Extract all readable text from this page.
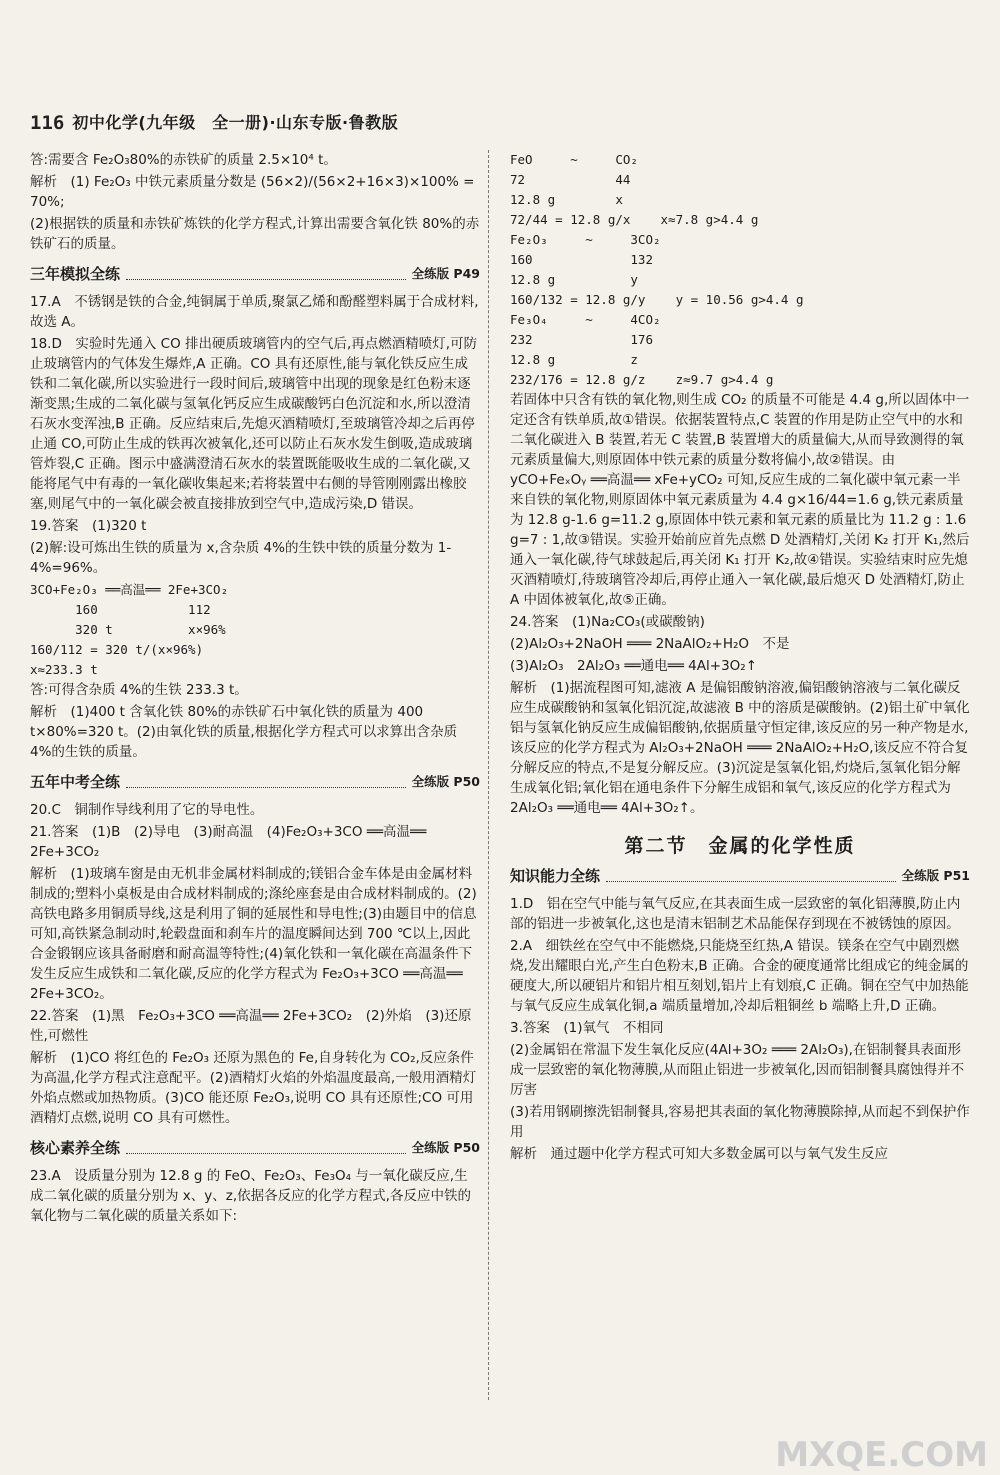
116 初中化学(九年级　全一册)·山东专版·鲁教版

答:需要含 Fe₂O₃80%的赤铁矿的质量 2.5×10⁴ t。

解析　(1) Fe₂O₃ 中铁元素质量分数是 (56×2)/(56×2+16×3)×100% = 70%;

(2)根据铁的质量和赤铁矿炼铁的化学方程式,计算出需要含氧化铁 80%的赤铁矿石的质量。

三年模拟全练	全练版 P49

17.A　不锈钢是铁的合金,纯铜属于单质,聚氯乙烯和酚醛塑料属于合成材料,故选 A。

18.D　实验时先通入 CO 排出硬质玻璃管内的空气后,再点燃酒精喷灯,可防止玻璃管内的气体发生爆炸,A 正确。CO 具有还原性,能与氧化铁反应生成铁和二氧化碳,所以实验进行一段时间后,玻璃管中出现的现象是红色粉末逐渐变黑;生成的二氧化碳与氢氧化钙反应生成碳酸钙白色沉淀和水,所以澄清石灰水变浑浊,B 正确。反应结束后,先熄灭酒精喷灯,至玻璃管冷却之后再停止通 CO,可防止生成的铁再次被氧化,还可以防止石灰水发生倒吸,造成玻璃管炸裂,C 正确。图示中盛满澄清石灰水的装置既能吸收生成的二氧化碳,又能将尾气中有毒的一氧化碳收集起来;若将装置中右侧的导管刚刚露出橡胶塞,则尾气中的一氧化碳会被直接排放到空气中,造成污染,D 错误。

19.答案　(1)320 t

(2)解:设可炼出生铁的质量为 x,含杂质 4%的生铁中铁的质量分数为 1-4%=96%。

3CO+Fe₂O₃ ══高温══ 2Fe+3CO₂
160            112
320 t          x×96%
160/112 = 320 t/(x×96%)
x≈233.3 t

答:可得含杂质 4%的生铁 233.3 t。

解析　(1)400 t 含氧化铁 80%的赤铁矿石中氧化铁的质量为 400 t×80%=320 t。(2)由氧化铁的质量,根据化学方程式可以求算出含杂质 4%的生铁的质量。

五年中考全练	全练版 P50

20.C　铜制作导线利用了它的导电性。

21.答案　(1)B　(2)导电　(3)耐高温　(4)Fe₂O₃+3CO ══高温══ 2Fe+3CO₂

解析　(1)玻璃车窗是由无机非金属材料制成的;镁铝合金车体是由金属材料制成的;塑料小桌板是由合成材料制成的;涤纶座套是由合成材料制成的。(2)高铁电路多用铜质导线,这是利用了铜的延展性和导电性;(3)由题目中的信息可知,高铁紧急制动时,轮毂盘面和刹车片的温度瞬间达到 700 ℃以上,因此合金锻钢应该具备耐磨和耐高温等特性;(4)氧化铁和一氧化碳在高温条件下发生反应生成铁和二氧化碳,反应的化学方程式为 Fe₂O₃+3CO ══高温══ 2Fe+3CO₂。

22.答案　(1)黑　Fe₂O₃+3CO ══高温══ 2Fe+3CO₂　(2)外焰　(3)还原性,可燃性

解析　(1)CO 将红色的 Fe₂O₃ 还原为黑色的 Fe,自身转化为 CO₂,反应条件为高温,化学方程式注意配平。(2)酒精灯火焰的外焰温度最高,一般用酒精灯外焰点燃或加热物质。(3)CO 能还原 Fe₂O₃,说明 CO 具有还原性;CO 可用酒精灯点燃,说明 CO 具有可燃性。

核心素养全练	全练版 P50

23.A　设质量分别为 12.8 g 的 FeO、Fe₂O₃、Fe₃O₄ 与一氧化碳反应,生成二氧化碳的质量分别为 x、y、z,依据各反应的化学方程式,各反应中铁的氧化物与二氧化碳的质量关系如下:

FeO     ~     CO₂
72            44
12.8 g        x
72/44 = 12.8 g/x    x≈7.8 g>4.4 g
Fe₂O₃     ~     3CO₂
160             132
12.8 g          y
160/132 = 12.8 g/y    y = 10.56 g>4.4 g
Fe₃O₄     ~     4CO₂
232             176
12.8 g          z
232/176 = 12.8 g/z    z≈9.7 g>4.4 g

若固体中只含有铁的氧化物,则生成 CO₂ 的质量不可能是 4.4 g,所以固体中一定还含有铁单质,故①错误。依据装置特点,C 装置的作用是防止空气中的水和二氧化碳进入 B 装置,若无 C 装置,B 装置增大的质量偏大,从而导致测得的氧元素质量偏大,则原固体中铁元素的质量分数将偏小,故②错误。由 yCO+FeₓOᵧ ══高温══ xFe+yCO₂ 可知,反应生成的二氧化碳中氧元素一半来自铁的氧化物,则原固体中氧元素质量为 4.4 g×16/44=1.6 g,铁元素质量为 12.8 g-1.6 g=11.2 g,原固体中铁元素和氧元素的质量比为 11.2 g : 1.6 g=7 : 1,故③错误。实验开始前应首先点燃 D 处酒精灯,关闭 K₂ 打开 K₁,然后通入一氧化碳,待气球鼓起后,再关闭 K₁ 打开 K₂,故④错误。实验结束时应先熄灭酒精喷灯,待玻璃管冷却后,再停止通入一氧化碳,最后熄灭 D 处酒精灯,防止 A 中固体被氧化,故⑤正确。

24.答案　(1)Na₂CO₃(或碳酸钠)

(2)Al₂O₃+2NaOH ═══ 2NaAlO₂+H₂O　不是

(3)Al₂O₃　2Al₂O₃ ══通电══ 4Al+3O₂↑

解析　(1)据流程图可知,滤液 A 是偏铝酸钠溶液,偏铝酸钠溶液与二氧化碳反应生成碳酸钠和氢氧化铝沉淀,故滤液 B 中的溶质是碳酸钠。(2)铝土矿中氧化铝与氢氧化钠反应生成偏铝酸钠,依据质量守恒定律,该反应的另一种产物是水,该反应的化学方程式为 Al₂O₃+2NaOH ═══ 2NaAlO₂+H₂O,该反应不符合复分解反应的特点,不是复分解反应。(3)沉淀是氢氧化铝,灼烧后,氢氧化铝分解生成氧化铝;氧化铝在通电条件下分解生成铝和氧气,该反应的化学方程式为 2Al₂O₃ ══通电══ 4Al+3O₂↑。

第二节　金属的化学性质
知识能力全练	全练版 P51

1.D　铝在空气中能与氧气反应,在其表面生成一层致密的氧化铝薄膜,防止内部的铝进一步被氧化,这也是清末铝制艺术品能保存到现在不被锈蚀的原因。

2.A　细铁丝在空气中不能燃烧,只能烧至红热,A 错误。镁条在空气中剧烈燃烧,发出耀眼白光,产生白色粉末,B 正确。合金的硬度通常比组成它的纯金属的硬度大,所以硬铝片和铝片相互刻划,铝片上有划痕,C 正确。铜在空气中加热能与氧气反应生成氧化铜,a 端质量增加,冷却后粗铜丝 b 端略上升,D 正确。

3.答案　(1)氧气　不相同

(2)金属铝在常温下发生氧化反应(4Al+3O₂ ═══ 2Al₂O₃),在铝制餐具表面形成一层致密的氧化物薄膜,从而阻止铝进一步被氧化,因而铝制餐具腐蚀得并不厉害

(3)若用钢刷擦洗铝制餐具,容易把其表面的氧化物薄膜除掉,从而起不到保护作用

解析　通过题中化学方程式可知大多数金属可以与氧气发生反应

MXQE.COM
